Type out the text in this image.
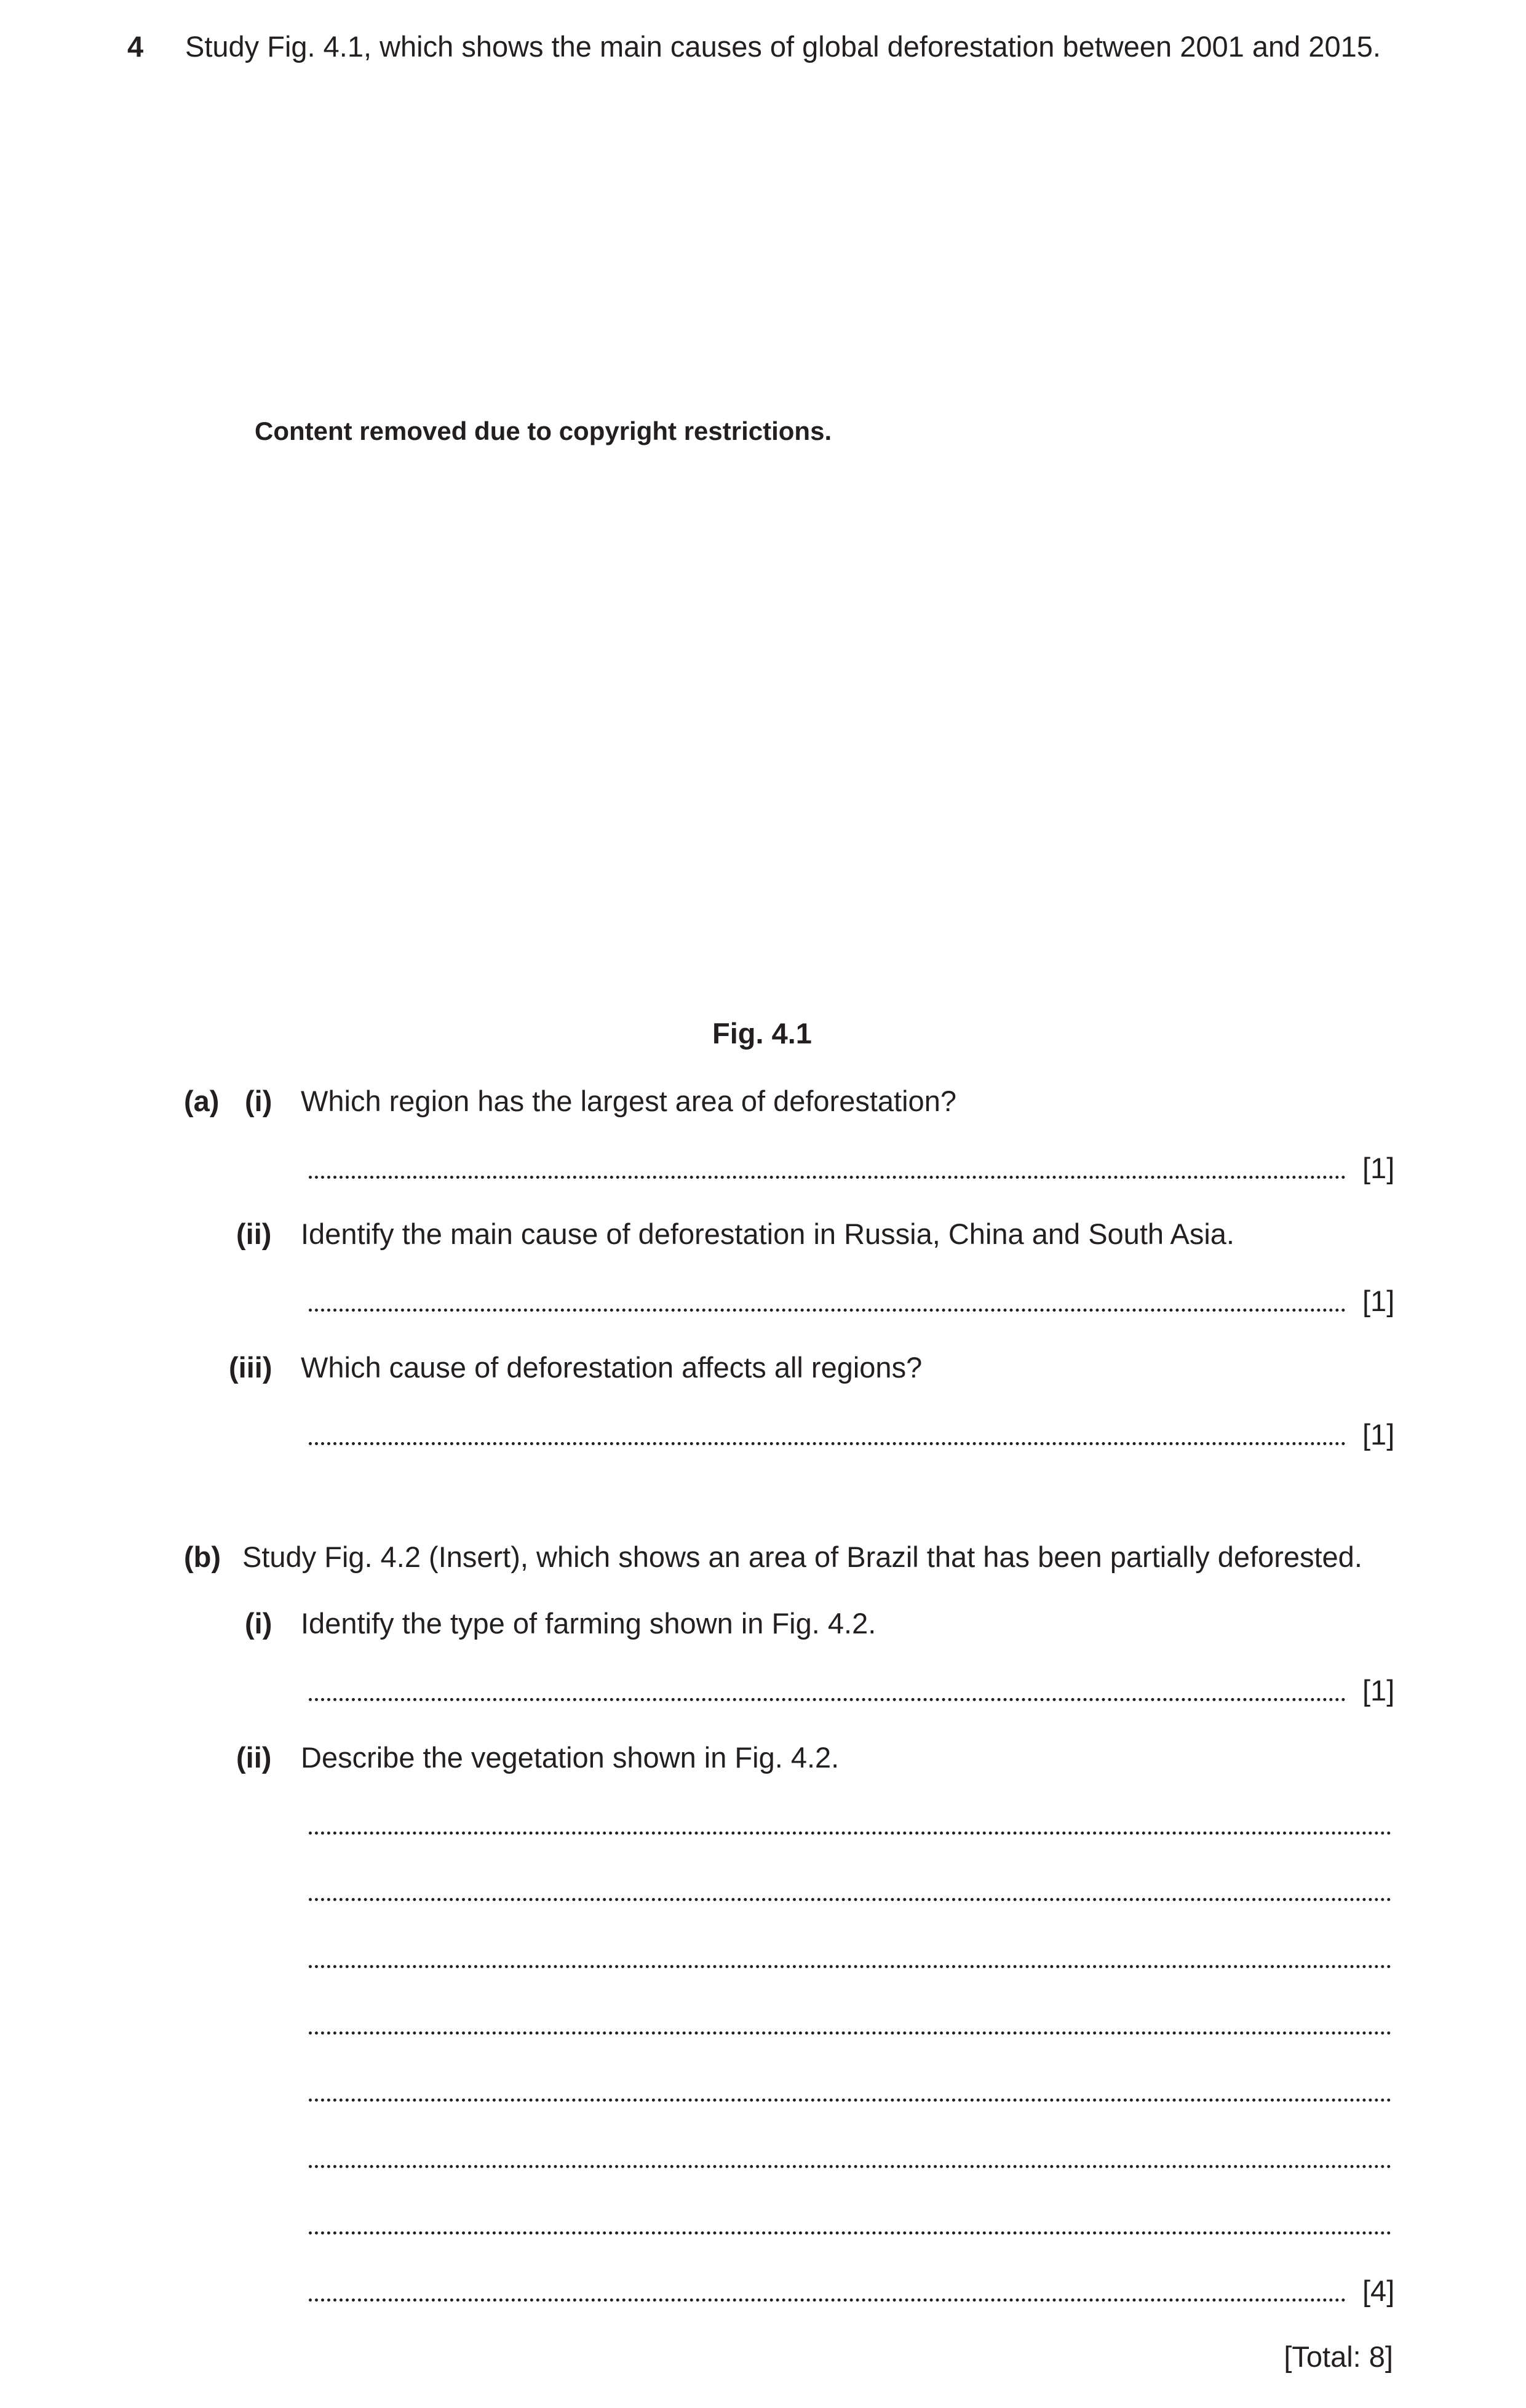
4 Study Fig. 4.1, which shows the main causes of global deforestation between 2001 and 2015.
Content removed due to copyright restrictions.
Fig. 4.1
(a) (i) Which region has the largest area of deforestation?
[1]
(ii) Identify the main cause of deforestation in Russia, China and South Asia.
[1]
(iii) Which cause of deforestation affects all regions?
[1]
(b) Study Fig. 4.2 (Insert), which shows an area of Brazil that has been partially deforested.
(i) Identify the type of farming shown in Fig. 4.2.
[1]
(ii) Describe the vegetation shown in Fig. 4.2.
[4]
[Total: 8]
